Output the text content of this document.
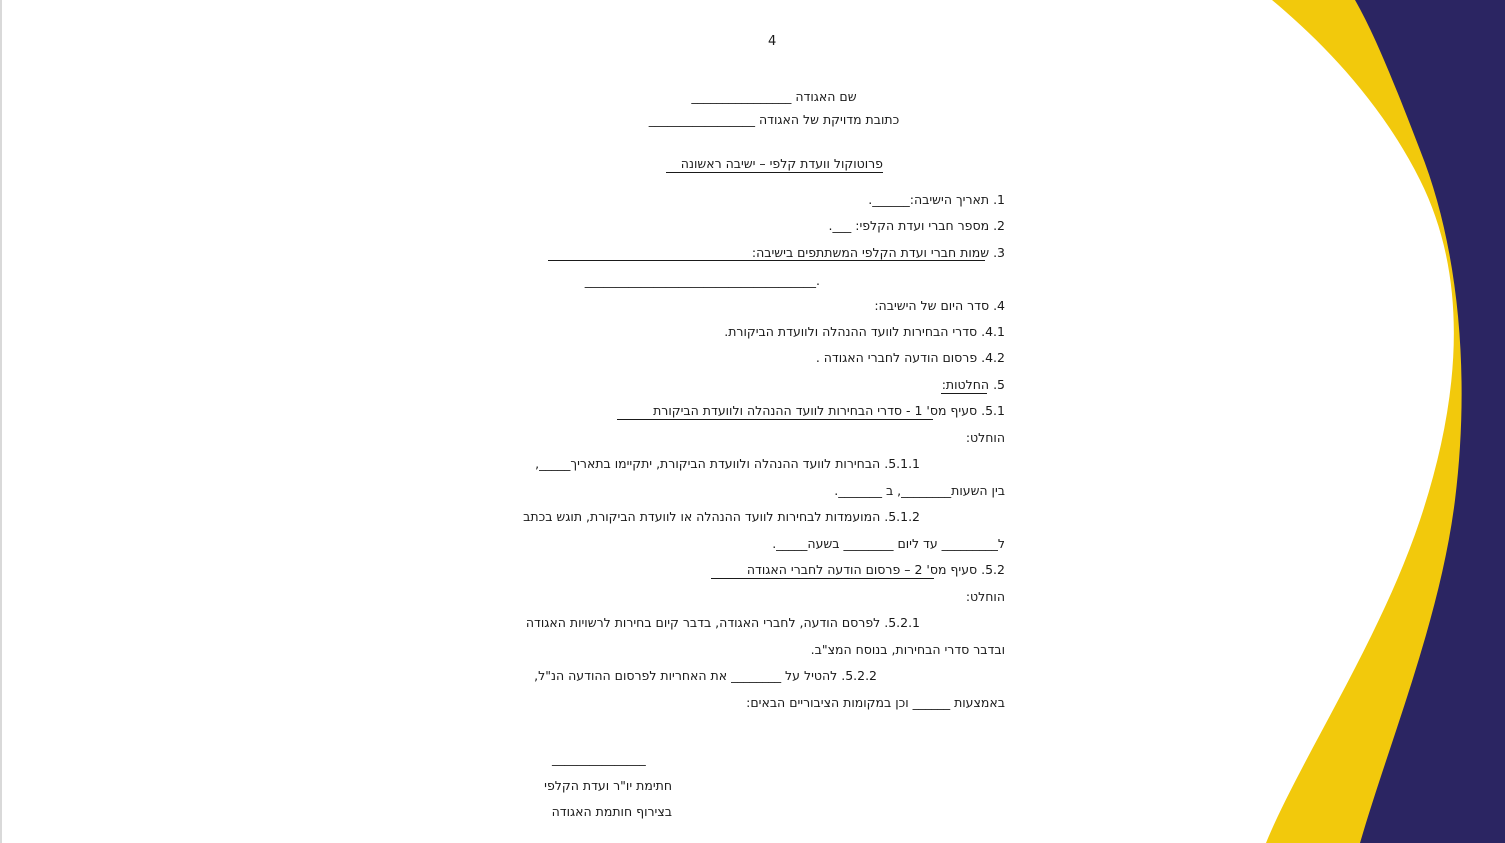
4
שם האגודה ________________
כתובת מדויקת של האגודה _________________
פרוטוקול וועדת קלפי – ישיבה ראשונה
1. תאריך הישיבה:______.
2. מספר חברי ועדת הקלפי: ___.
3. שמות חברי ועדת הקלפי המשתתפים בישיבה:
._____________________________________
4. סדר היום של הישיבה:
4.1. סדרי הבחירות לוועד ההנהלה ולוועדת הביקורת.
4.2. פרסום הודעה לחברי האגודה .
5. החלטות:
5.1. סעיף מס' 1 - סדרי הבחירות לוועד ההנהלה ולוועדת הביקורת
הוחלט:
5.1.1. הבחירות לוועד ההנהלה ולוועדת הביקורת, יתקיימו בתאריך_____,
בין השעות________, ב _______.
5.1.2. המועמדות לבחירות לוועד ההנהלה או לוועדת הביקורת, תוגש בכתב
ל_________ עד ליום ________ בשעה_____.
5.2. סעיף מס' 2 – פרסום הודעה לחברי האגודה
הוחלט:
5.2.1. לפרסם הודעה, לחברי האגודה, בדבר קיום בחירות לרשויות האגודה
ובדבר סדרי הבחירות, בנוסח המצ"ב.
5.2.2. להטיל על ________ את האחריות לפרסום ההודעה הנ"ל,
באמצעות ______ וכן במקומות הציבוריים הבאים:
_______________
חתימת יו"ר ועדת הקלפי
בצירוף חותמת האגודה
